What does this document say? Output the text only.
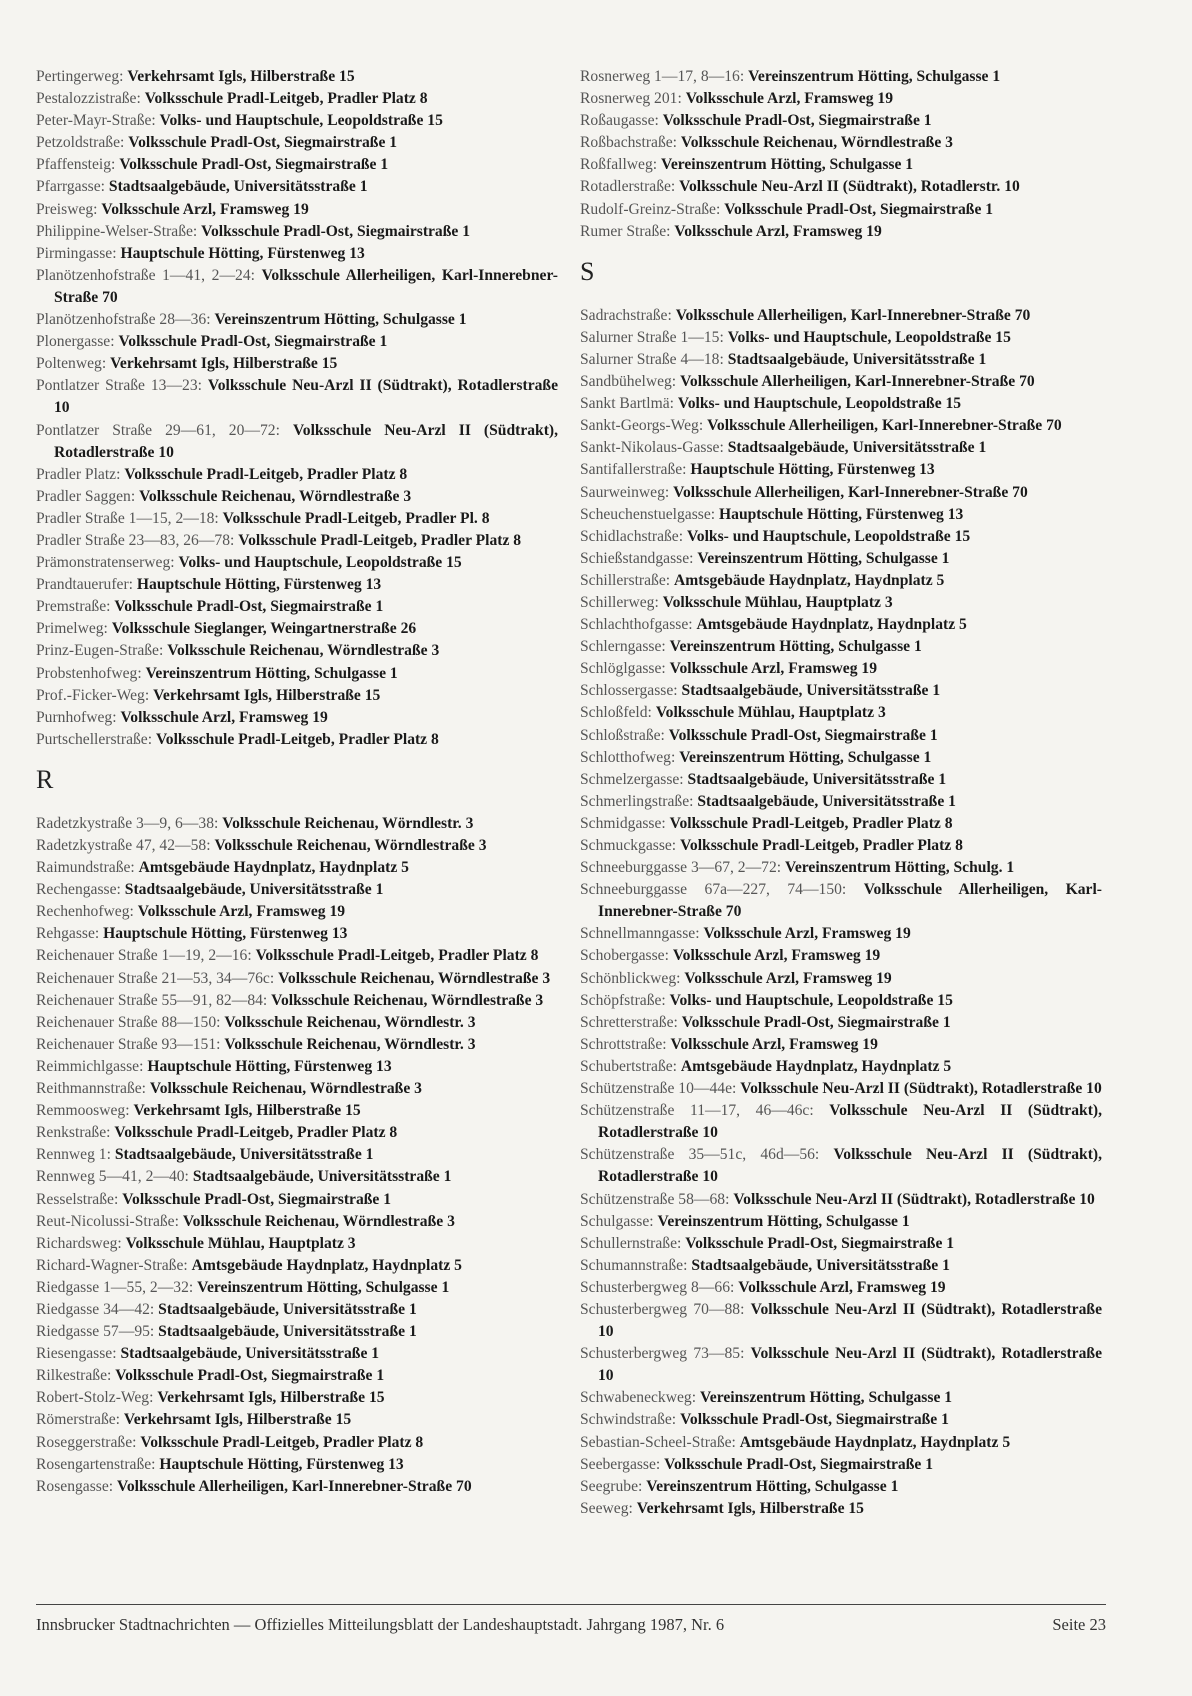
Pertingerweg: Verkehrsamt Igls, Hilberstraße 15
Pestalozzistraße: Volksschule Pradl-Leitgeb, Pradler Platz 8
Peter-Mayr-Straße: Volks- und Hauptschule, Leopoldstraße 15
Petzoldstraße: Volksschule Pradl-Ost, Siegmairstraße 1
Pfaffensteig: Volksschule Pradl-Ost, Siegmairstraße 1
Pfarrgasse: Stadtsaalgebäude, Universitätsstraße 1
Preisweg: Volksschule Arzl, Framsweg 19
Philippine-Welser-Straße: Volksschule Pradl-Ost, Siegmairstraße 1
Pirmingasse: Hauptschule Hötting, Fürstenweg 13
Planötzenhofstraße 1—41, 2—24: Volksschule Allerheiligen, Karl-Innerebner-Straße 70
Planötzenhofstraße 28—36: Vereinszentrum Hötting, Schulgasse 1
Plonergasse: Volksschule Pradl-Ost, Siegmairstraße 1
Poltenweg: Verkehrsamt Igls, Hilberstraße 15
Pontlatzer Straße 13—23: Volksschule Neu-Arzl II (Südtrakt), Rotadlerstraße 10
Pontlatzer Straße 29—61, 20—72: Volksschule Neu-Arzl II (Südtrakt), Rotadlerstraße 10
Pradler Platz: Volksschule Pradl-Leitgeb, Pradler Platz 8
Pradler Saggen: Volksschule Reichenau, Wörndlestraße 3
Pradler Straße 1—15, 2—18: Volksschule Pradl-Leitgeb, Pradler Pl. 8
Pradler Straße 23—83, 26—78: Volksschule Pradl-Leitgeb, Pradler Platz 8
Prämonstratenserweg: Volks- und Hauptschule, Leopoldstraße 15
Prandtauerufer: Hauptschule Hötting, Fürstenweg 13
Premstraße: Volksschule Pradl-Ost, Siegmairstraße 1
Primelweg: Volksschule Sieglanger, Weingartnerstraße 26
Prinz-Eugen-Straße: Volksschule Reichenau, Wörndlestraße 3
Probstenhofweg: Vereinszentrum Hötting, Schulgasse 1
Prof.-Ficker-Weg: Verkehrsamt Igls, Hilberstraße 15
Purnhofweg: Volksschule Arzl, Framsweg 19
Purtschellerstraße: Volksschule Pradl-Leitgeb, Pradler Platz 8
R
Radetzkystraße 3—9, 6—38: Volksschule Reichenau, Wörndlestr. 3
Radetzkystraße 47, 42—58: Volksschule Reichenau, Wörndlestraße 3
Raimundstraße: Amtsgebäude Haydnplatz, Haydnplatz 5
Rechengasse: Stadtsaalgebäude, Universitätsstraße 1
Rechenhofweg: Volksschule Arzl, Framsweg 19
Rehgasse: Hauptschule Hötting, Fürstenweg 13
Reichenauer Straße 1—19, 2—16: Volksschule Pradl-Leitgeb, Pradler Platz 8
Reichenauer Straße 21—53, 34—76c: Volksschule Reichenau, Wörndlestraße 3
Reichenauer Straße 55—91, 82—84: Volksschule Reichenau, Wörndlestraße 3
Reichenauer Straße 88—150: Volksschule Reichenau, Wörndlestr. 3
Reichenauer Straße 93—151: Volksschule Reichenau, Wörndlestr. 3
Reimmichlgasse: Hauptschule Hötting, Fürstenweg 13
Reithmannstraße: Volksschule Reichenau, Wörndlestraße 3
Remmoosweg: Verkehrsamt Igls, Hilberstraße 15
Renkstraße: Volksschule Pradl-Leitgeb, Pradler Platz 8
Rennweg 1: Stadtsaalgebäude, Universitätsstraße 1
Rennweg 5—41, 2—40: Stadtsaalgebäude, Universitätsstraße 1
Resselstraße: Volksschule Pradl-Ost, Siegmairstraße 1
Reut-Nicolussi-Straße: Volksschule Reichenau, Wörndlestraße 3
Richardsweg: Volksschule Mühlau, Hauptplatz 3
Richard-Wagner-Straße: Amtsgebäude Haydnplatz, Haydnplatz 5
Riedgasse 1—55, 2—32: Vereinszentrum Hötting, Schulgasse 1
Riedgasse 34—42: Stadtsaalgebäude, Universitätsstraße 1
Riedgasse 57—95: Stadtsaalgebäude, Universitätsstraße 1
Riesengasse: Stadtsaalgebäude, Universitätsstraße 1
Rilkestraße: Volksschule Pradl-Ost, Siegmairstraße 1
Robert-Stolz-Weg: Verkehrsamt Igls, Hilberstraße 15
Römerstraße: Verkehrsamt Igls, Hilberstraße 15
Roseggerstraße: Volksschule Pradl-Leitgeb, Pradler Platz 8
Rosengartenstraße: Hauptschule Hötting, Fürstenweg 13
Rosengasse: Volksschule Allerheiligen, Karl-Innerebner-Straße 70
Rosnerweg 1—17, 8—16: Vereinszentrum Hötting, Schulgasse 1
Rosnerweg 201: Volksschule Arzl, Framsweg 19
Roßaugasse: Volksschule Pradl-Ost, Siegmairstraße 1
Roßbachstraße: Volksschule Reichenau, Wörndlestraße 3
Roßfallweg: Vereinszentrum Hötting, Schulgasse 1
Rotadlerstraße: Volksschule Neu-Arzl II (Südtrakt), Rotadlerstr. 10
Rudolf-Greinz-Straße: Volksschule Pradl-Ost, Siegmairstraße 1
Rumer Straße: Volksschule Arzl, Framsweg 19
S
Sadrachstraße: Volksschule Allerheiligen, Karl-Innerebner-Straße 70
Salurner Straße 1—15: Volks- und Hauptschule, Leopoldstraße 15
Salurner Straße 4—18: Stadtsaalgebäude, Universitätsstraße 1
Sandbühelweg: Volksschule Allerheiligen, Karl-Innerebner-Straße 70
Sankt Bartlmä: Volks- und Hauptschule, Leopoldstraße 15
Sankt-Georgs-Weg: Volksschule Allerheiligen, Karl-Innerebner-Straße 70
Sankt-Nikolaus-Gasse: Stadtsaalgebäude, Universitätsstraße 1
Santifallerstraße: Hauptschule Hötting, Fürstenweg 13
Saurweinweg: Volksschule Allerheiligen, Karl-Innerebner-Straße 70
Scheuchenstuelgasse: Hauptschule Hötting, Fürstenweg 13
Schidlachstraße: Volks- und Hauptschule, Leopoldstraße 15
Schießstandgasse: Vereinszentrum Hötting, Schulgasse 1
Schillerstraße: Amtsgebäude Haydnplatz, Haydnplatz 5
Schillerweg: Volksschule Mühlau, Hauptplatz 3
Schlachthofgasse: Amtsgebäude Haydnplatz, Haydnplatz 5
Schlerngasse: Vereinszentrum Hötting, Schulgasse 1
Schlöglgasse: Volksschule Arzl, Framsweg 19
Schlossergasse: Stadtsaalgebäude, Universitätsstraße 1
Schloßfeld: Volksschule Mühlau, Hauptplatz 3
Schloßstraße: Volksschule Pradl-Ost, Siegmairstraße 1
Schlotthofweg: Vereinszentrum Hötting, Schulgasse 1
Schmelzergasse: Stadtsaalgebäude, Universitätsstraße 1
Schmerlingstraße: Stadtsaalgebäude, Universitätsstraße 1
Schmidgasse: Volksschule Pradl-Leitgeb, Pradler Platz 8
Schmuckgasse: Volksschule Pradl-Leitgeb, Pradler Platz 8
Schneeburggasse 3—67, 2—72: Vereinszentrum Hötting, Schulg. 1
Schneeburggasse 67a—227, 74—150: Volksschule Allerheiligen, Karl-Innerebner-Straße 70
Schnellmanngasse: Volksschule Arzl, Framsweg 19
Schobergasse: Volksschule Arzl, Framsweg 19
Schönblickweg: Volksschule Arzl, Framsweg 19
Schöpfstraße: Volks- und Hauptschule, Leopoldstraße 15
Schretterstraße: Volksschule Pradl-Ost, Siegmairstraße 1
Schrottstraße: Volksschule Arzl, Framsweg 19
Schubertstraße: Amtsgebäude Haydnplatz, Haydnplatz 5
Schützenstraße 10—44e: Volksschule Neu-Arzl II (Südtrakt), Rotadlerstraße 10
Schützenstraße 11—17, 46—46c: Volksschule Neu-Arzl II (Südtrakt), Rotadlerstraße 10
Schützenstraße 35—51c, 46d—56: Volksschule Neu-Arzl II (Südtrakt), Rotadlerstraße 10
Schützenstraße 58—68: Volksschule Neu-Arzl II (Südtrakt), Rotadlerstraße 10
Schulgasse: Vereinszentrum Hötting, Schulgasse 1
Schullernstraße: Volksschule Pradl-Ost, Siegmairstraße 1
Schumannstraße: Stadtsaalgebäude, Universitätsstraße 1
Schusterbergweg 8—66: Volksschule Arzl, Framsweg 19
Schusterbergweg 70—88: Volksschule Neu-Arzl II (Südtrakt), Rotadlerstraße 10
Schusterbergweg 73—85: Volksschule Neu-Arzl II (Südtrakt), Rotadlerstraße 10
Schwabeneckweg: Vereinszentrum Hötting, Schulgasse 1
Schwindstraße: Volksschule Pradl-Ost, Siegmairstraße 1
Sebastian-Scheel-Straße: Amtsgebäude Haydnplatz, Haydnplatz 5
Seebergasse: Volksschule Pradl-Ost, Siegmairstraße 1
Seegrube: Vereinszentrum Hötting, Schulgasse 1
Seeweg: Verkehrsamt Igls, Hilberstraße 15
Innsbrucker Stadtnachrichten — Offizielles Mitteilungsblatt der Landeshauptstadt. Jahrgang 1987, Nr. 6	Seite 23
